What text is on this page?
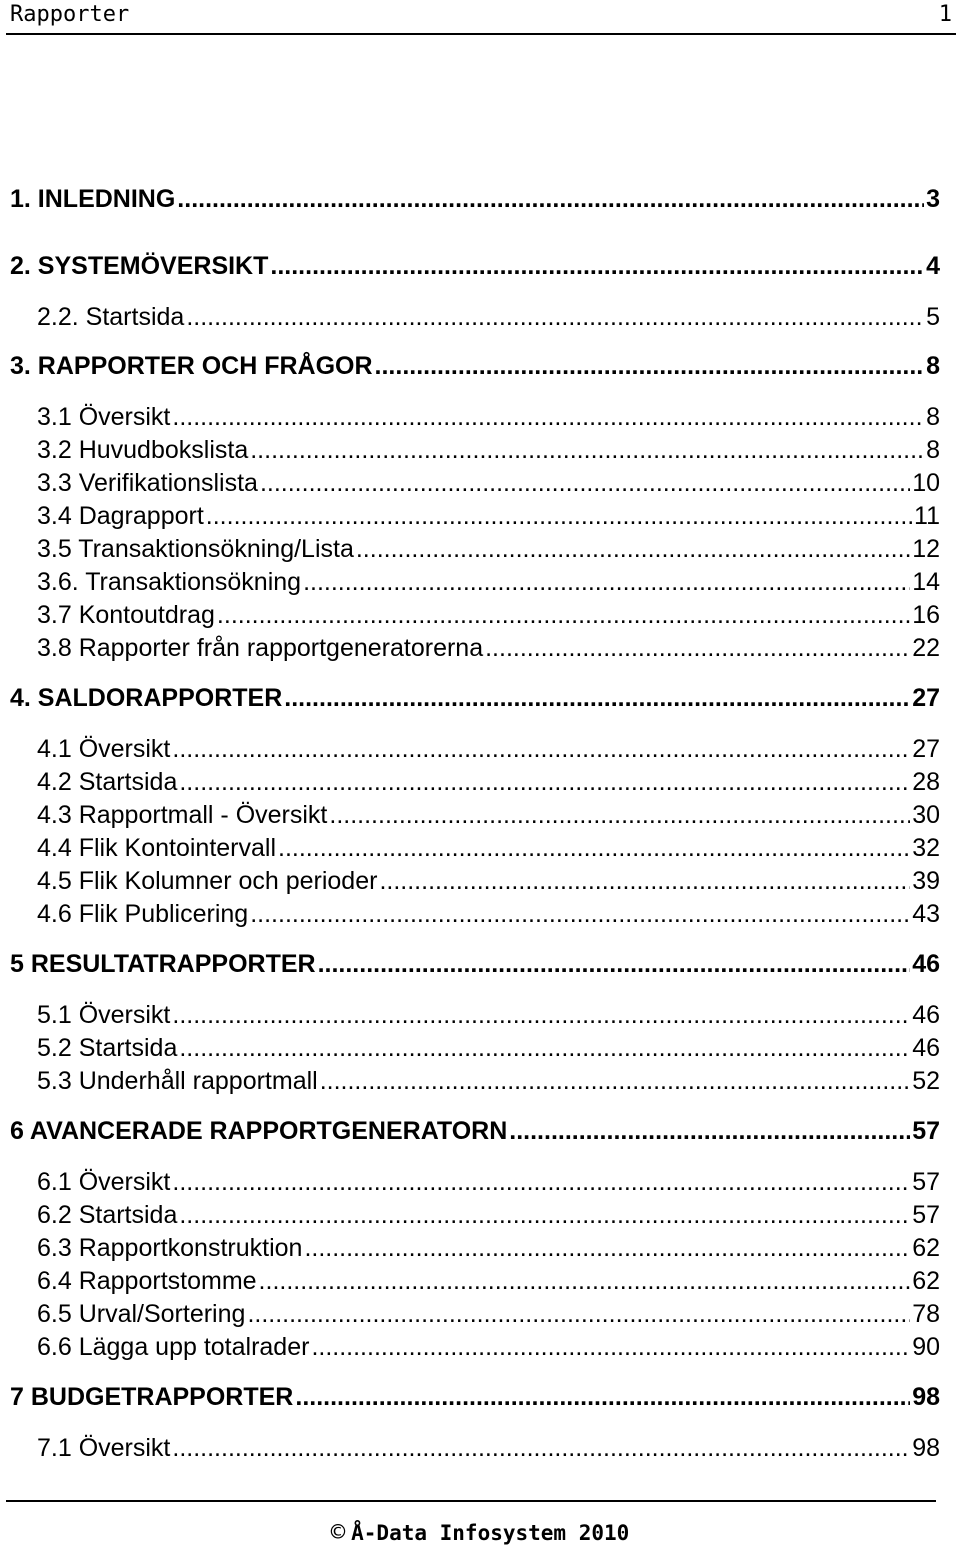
Rapporter	1
1. INLEDNING .....	3
2. SYSTEMÖVERSIKT .....	4
2.2. Startsida .....	5
3. RAPPORTER OCH FRÅGOR .....	8
3.1 Översikt .....	8
3.2 Huvudbokslista .....	8
3.3 Verifikationslista .....	10
3.4 Dagrapport .....	11
3.5 Transaktionsökning/Lista .....	12
3.6. Transaktionsökning .....	14
3.7 Kontoutdrag .....	16
3.8 Rapporter från rapportgeneratorerna .....	22
4. SALDORAPPORTER .....	27
4.1 Översikt .....	27
4.2 Startsida .....	28
4.3 Rapportmall - Översikt .....	30
4.4 Flik Kontointervall .....	32
4.5 Flik Kolumner och perioder .....	39
4.6 Flik Publicering .....	43
5 RESULTATRAPPORTER .....	46
5.1 Översikt .....	46
5.2 Startsida .....	46
5.3 Underhåll rapportmall .....	52
6 AVANCERADE RAPPORTGENERATORN .....	57
6.1 Översikt .....	57
6.2 Startsida .....	57
6.3 Rapportkonstruktion .....	62
6.4 Rapportstomme .....	62
6.5 Urval/Sortering .....	78
6.6 Lägga upp totalrader .....	90
7 BUDGETRAPPORTER .....	98
7.1 Översikt .....	98
© Å-Data Infosystem 2010
